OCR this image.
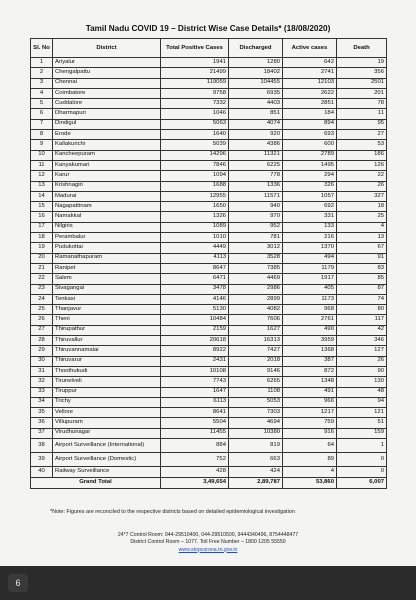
Tamil Nadu COVID 19 – District Wise Case Details* (18/08/2020)
Sl. No	District	Total Positive Cases	Discharged	Active cases	Death
1	Ariyalur	1941	1280	642	19
2	Chengalpattu	21499	18402	2741	356
3	Chennai	119059	104455	12103	2501
4	Coimbatore	9758	6935	2622	201
5	Cuddalore	7332	4403	2851	78
6	Dharmapuri	1046	851	184	11
7	Dindigul	5063	4074	894	95
8	Erode	1640	920	693	27
9	Kallakurichi	5039	4386	600	53
10	Kancheepuram	14296	11321	2789	186
11	Kanyakumari	7846	6225	1495	126
12	Karur	1094	778	294	22
13	Krishnagiri	1688	1336	326	26
14	Madurai	12955	11571	1057	327
15	Nagapattinam	1650	940	692	18
16	Namakkal	1326	970	331	25
17	Nilgiris	1089	952	133	4
18	Perambalur	1010	781	216	13
19	Pudukottai	4449	3012	1370	67
20	Ramanathapuram	4113	3528	494	91
21	Ranipet	8647	7385	1179	83
22	Salem	6471	4469	1917	85
23	Sivagangai	3478	2986	405	87
24	Tenkasi	4146	2899	1173	74
25	Thanjavur	5130	4082	968	80
26	Theni	10484	7606	2761	117
27	Thirupathur	2159	1627	490	42
28	Thiruvallur	20618	16313	3959	346
29	Thiruvannamalai	8922	7427	1368	127
30	Thiruvarur	2431	2018	387	26
31	Thoothukudi	10108	9146	872	90
32	Tirunelveli	7743	6265	1348	130
33	Tiruppur	1647	1108	491	48
34	Trichy	6113	5053	966	94
35	Vellore	8641	7303	1217	121
36	Villupuram	5504	4694	759	51
37	Virudhunagar	11455	10380	916	159
38	Airport Surveillance (International)	884	819	64	1
39	Airport Surveillance (Domestic)	752	663	89	0
40	Railway Surveillance	428	424	4	0
Grand Total		3,49,654	2,89,787	53,860	6,007
*Note: Figures are reconciled to the respective districts based on detailed epidemiological investigation
24*7 Control Room: 044-29510400, 044-29510500, 9444340496, 8754448477
District Control Room – 1077. Toll Free Number – 1800 1205 55550
www.stopcorona.tn.gov.in
6
